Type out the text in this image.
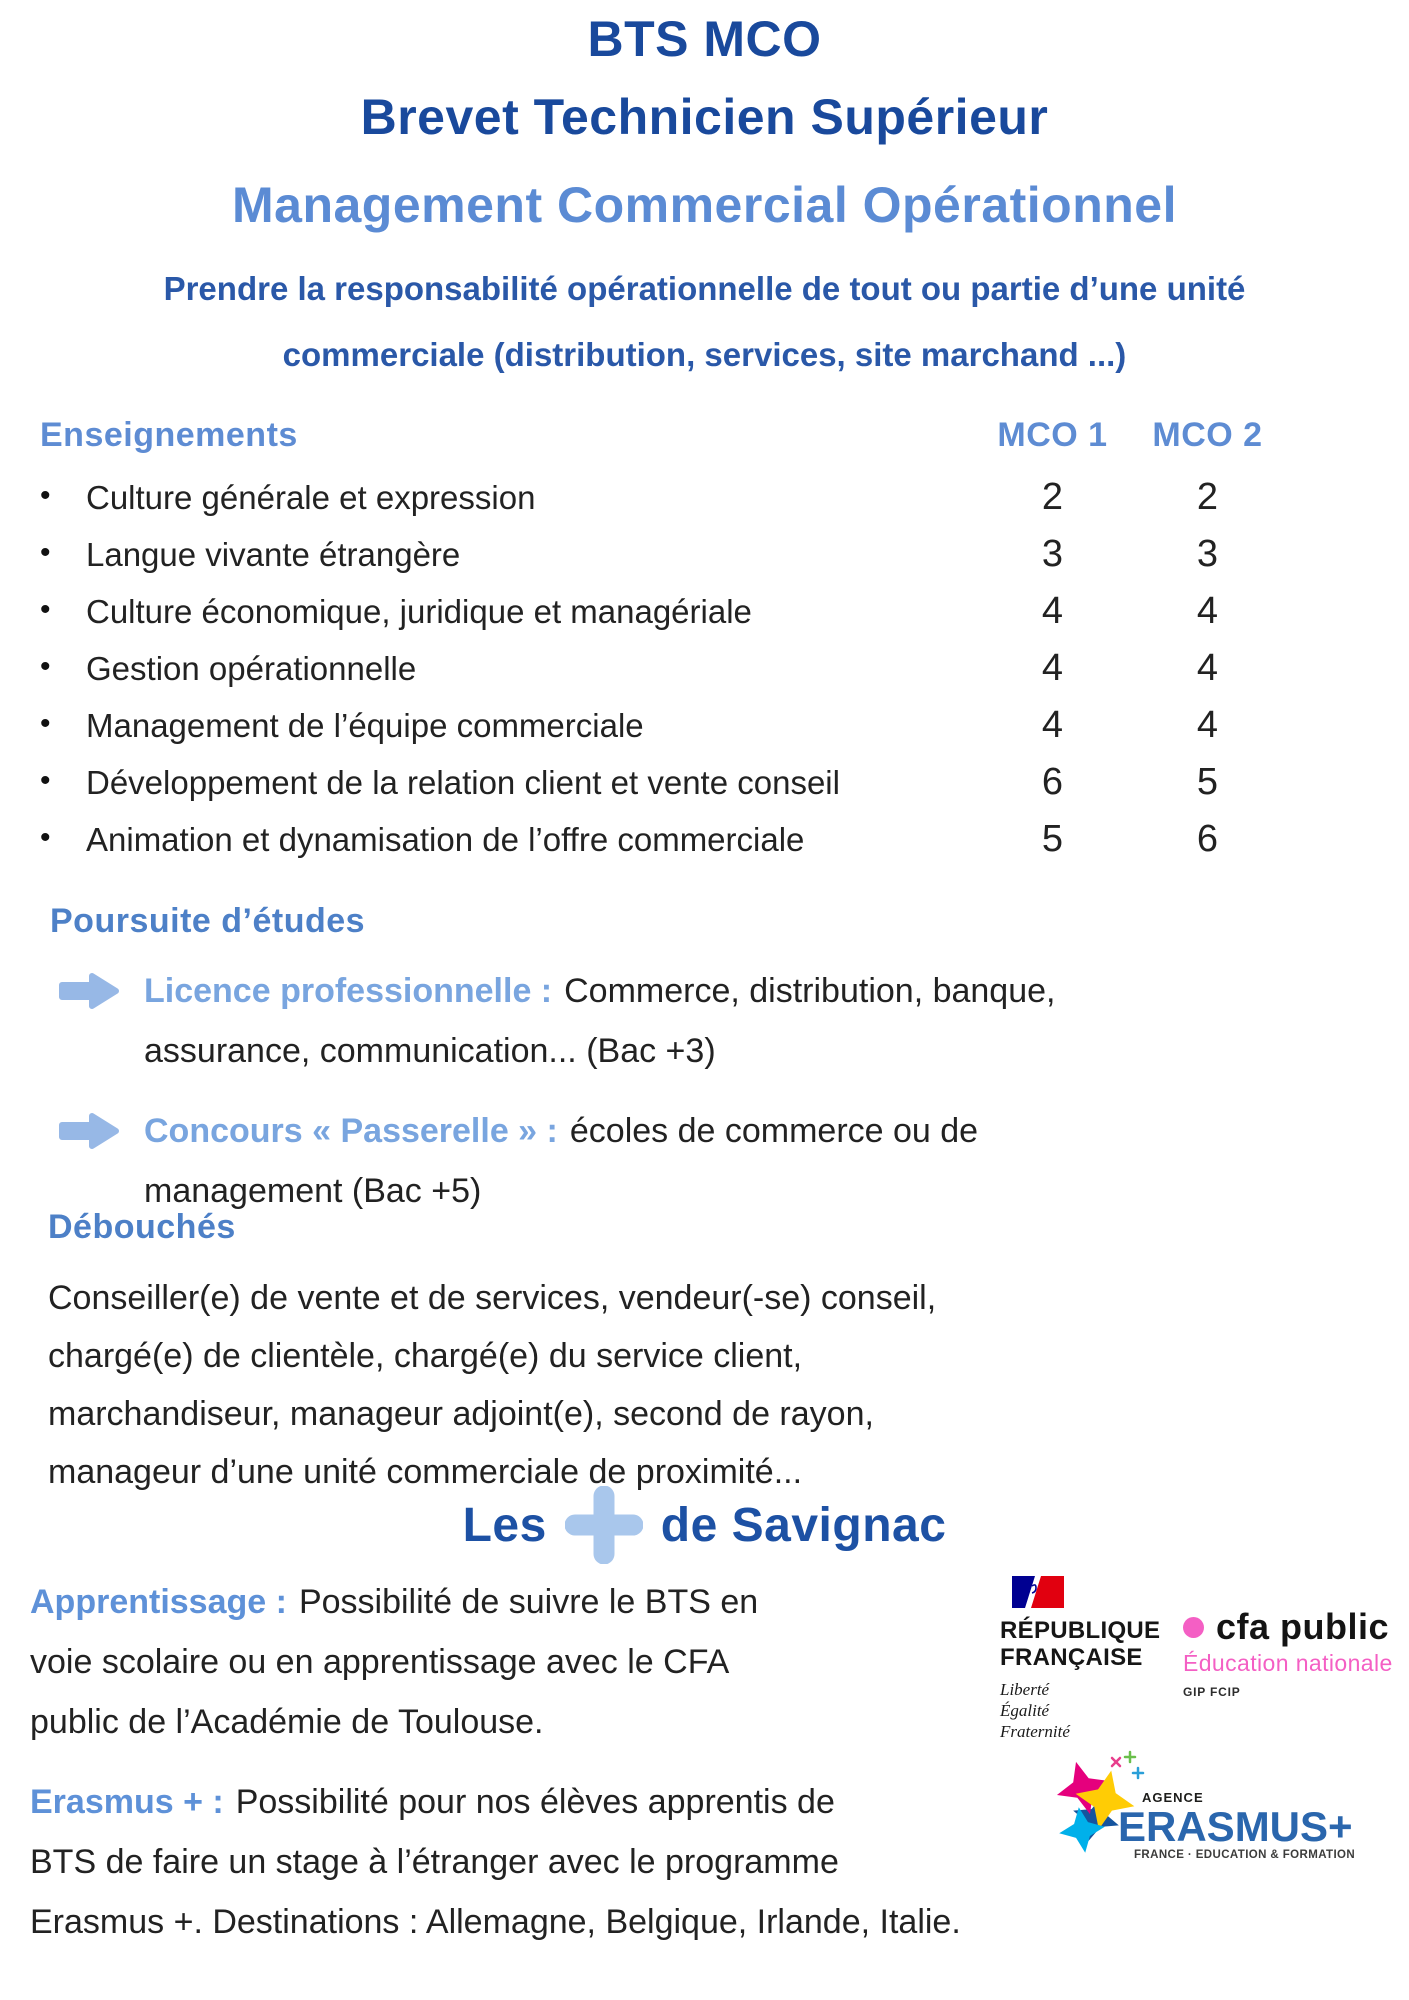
BTS MCO
Brevet Technicien Supérieur
Management Commercial Opérationnel
Prendre la responsabilité opérationnelle de tout ou partie d’une unité
commerciale (distribution, services, site marchand ...)
Enseignements	MCO 1	MCO 2
•	Culture générale et expression	2	2
•	Langue vivante étrangère	3	3
•	Culture économique, juridique et managériale	4	4
•	Gestion opérationnelle	4	4
•	Management de l’équipe commerciale	4	4
•	Développement de la relation client et vente conseil	6	5
•	Animation et dynamisation de l’offre commerciale	5	6
Poursuite d’études
Licence professionnelle : Commerce, distribution, banque,
assurance, communication... (Bac +3)
Concours « Passerelle » : écoles de commerce ou de
management (Bac +5)
Débouchés
Conseiller(e) de vente et de services, vendeur(-se) conseil,
chargé(e) de clientèle, chargé(e) du service client,
marchandiseur, manageur adjoint(e), second de rayon,
manageur d’une unité commerciale de proximité...
Les de Savignac
Apprentissage : Possibilité de suivre le BTS en
voie scolaire ou en apprentissage avec le CFA
public de l’Académie de Toulouse.
RÉPUBLIQUE
FRANÇAISE
Liberté
Égalité
Fraternité
cfa public
Éducation nationale
GIP FCIP
Erasmus + : Possibilité pour nos élèves apprentis de
BTS de faire un stage à l’étranger avec le programme
Erasmus +. Destinations : Allemagne, Belgique, Irlande, Italie.
AGENCE
ERASMUS+
FRANCE · EDUCATION & FORMATION
